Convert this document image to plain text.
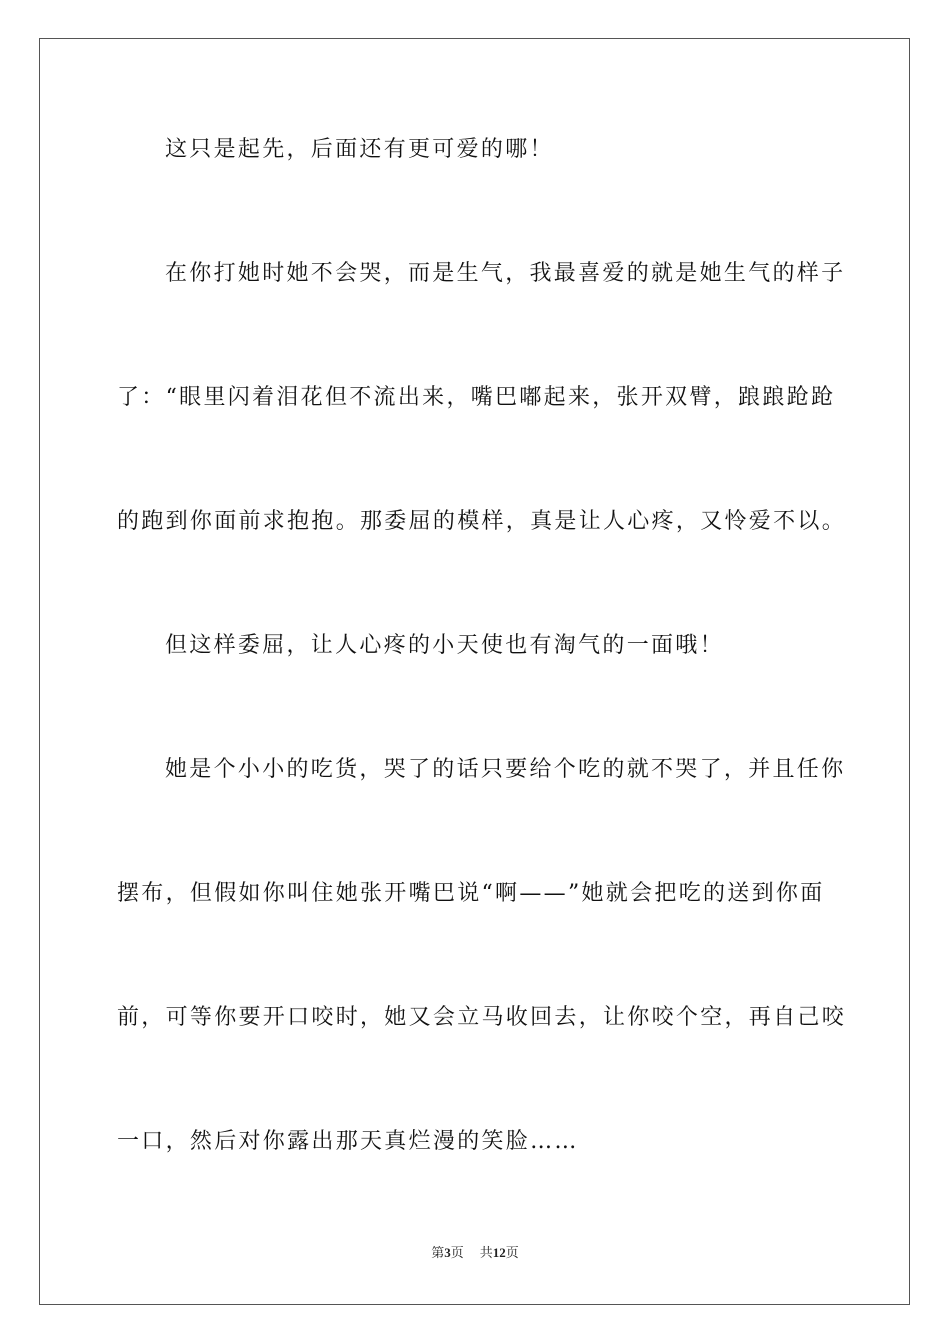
这只是起先，后面还有更可爱的哪！
在你打她时她不会哭，而是生气，我最喜爱的就是她生气的样子
了：“眼里闪着泪花但不流出来，嘴巴嘟起来，张开双臂，踉踉跄跄
的跑到你面前求抱抱。那委屈的模样，真是让人心疼，又怜爱不以。
但这样委屈，让人心疼的小天使也有淘气的一面哦！
她是个小小的吃货，哭了的话只要给个吃的就不哭了，并且任你
摆布，但假如你叫住她张开嘴巴说“啊——”她就会把吃的送到你面
前，可等你要开口咬时，她又会立马收回去，让你咬个空，再自己咬
一口，然后对你露出那天真烂漫的笑脸……
第3页 共12页
